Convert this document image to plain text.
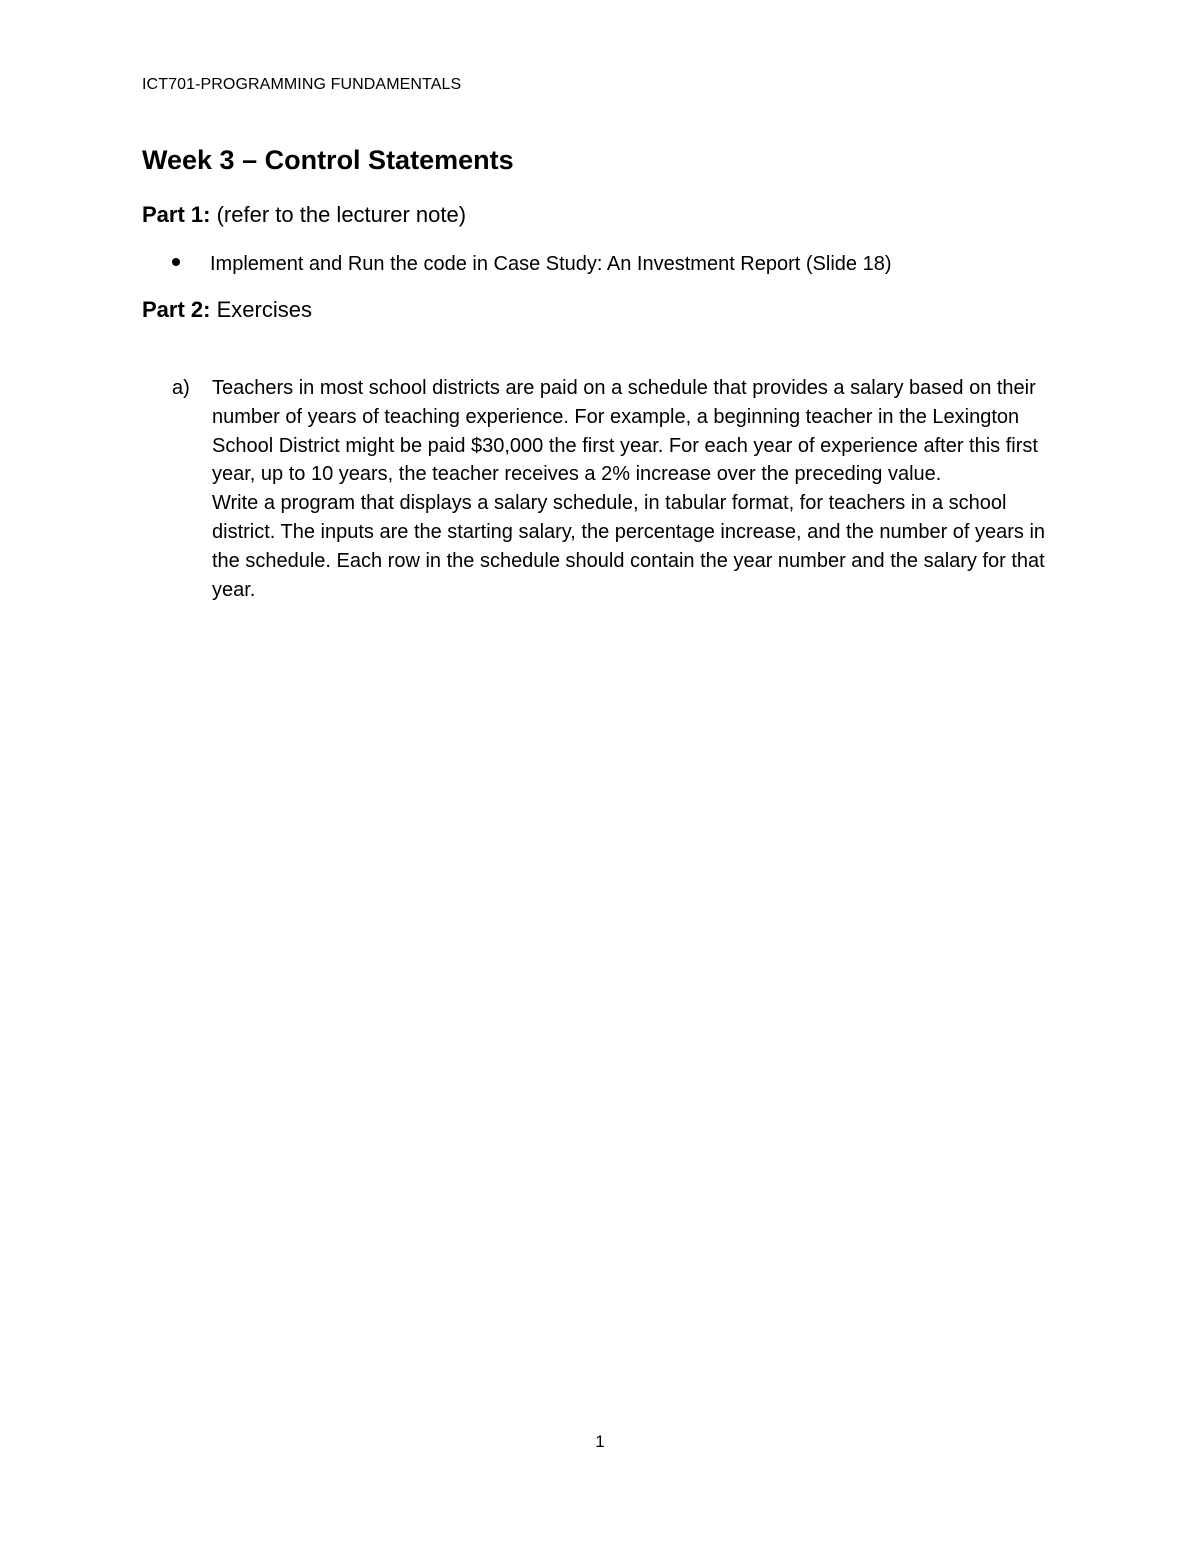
ICT701-PROGRAMMING FUNDAMENTALS
Week 3 – Control Statements
Part 1: (refer to the lecturer note)
Implement and Run the code in Case Study: An Investment Report (Slide 18)
Part 2: Exercises
a) Teachers in most school districts are paid on a schedule that provides a salary based on their number of years of teaching experience. For example, a beginning teacher in the Lexington School District might be paid $30,000 the first year. For each year of experience after this first year, up to 10 years, the teacher receives a 2% increase over the preceding value.

Write a program that displays a salary schedule, in tabular format, for teachers in a school district. The inputs are the starting salary, the percentage increase, and the number of years in the schedule. Each row in the schedule should contain the year number and the salary for that year.

1
